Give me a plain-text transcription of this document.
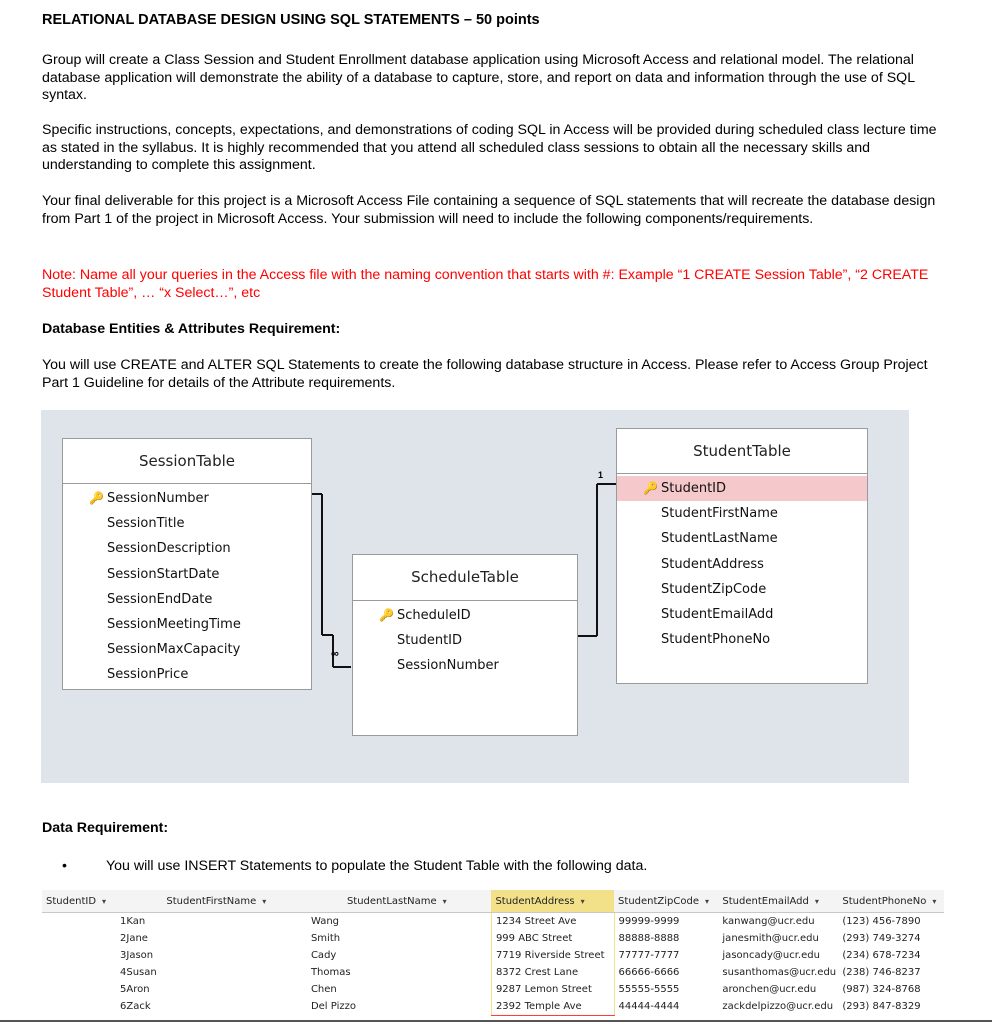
RELATIONAL DATABASE DESIGN USING SQL STATEMENTS – 50 points
Group will create a Class Session and Student Enrollment database application using Microsoft Access and relational model. The relational database application will demonstrate the ability of a database to capture, store, and report on data and information through the use of SQL syntax.
Specific instructions, concepts, expectations, and demonstrations of coding SQL in Access will be provided during scheduled class lecture time as stated in the syllabus. It is highly recommended that you attend all scheduled class sessions to obtain all the necessary skills and understanding to complete this assignment.
Your final deliverable for this project is a Microsoft Access File containing a sequence of SQL statements that will recreate the database design from Part 1 of the project in Microsoft Access. Your submission will need to include the following components/requirements.
Note: Name all your queries in the Access file with the naming convention that starts with #: Example “1 CREATE Session Table”, “2 CREATE Student Table”, … “x Select…”, etc
Database Entities & Attributes Requirement:
You will use CREATE and ALTER SQL Statements to create the following database structure in Access. Please refer to Access Group Project Part 1 Guideline for details of the Attribute requirements.
∞
1
SessionTable
🔑 SessionNumber
SessionTitle
SessionDescription
SessionStartDate
SessionEndDate
SessionMeetingTime
SessionMaxCapacity
SessionPrice
ScheduleTable
🔑 ScheduleID
StudentID
SessionNumber
StudentTable
🔑 StudentID
StudentFirstName
StudentLastName
StudentAddress
StudentZipCode
StudentEmailAdd
StudentPhoneNo
Data Requirement:
•	You will use INSERT Statements to populate the Student Table with the following data.
StudentID ▾	StudentFirstName ▾	StudentLastName ▾	StudentAddress ▾	StudentZipCode ▾	StudentEmailAdd ▾	StudentPhoneNo ▾
1	Kan	Wang	1234 Street Ave	99999-9999	kanwang@ucr.edu	(123) 456-7890
2	Jane	Smith	999 ABC Street	88888-8888	janesmith@ucr.edu	(293) 749-3274
3	Jason	Cady	7719 Riverside Street	77777-7777	jasoncady@ucr.edu	(234) 678-7234
4	Susan	Thomas	8372 Crest Lane	66666-6666	susanthomas@ucr.edu	(238) 746-8237
5	Aron	Chen	9287 Lemon Street	55555-5555	aronchen@ucr.edu	(987) 324-8768
6	Zack	Del Pizzo	2392 Temple Ave	44444-4444	zackdelpizzo@ucr.edu	(293) 847-8329
